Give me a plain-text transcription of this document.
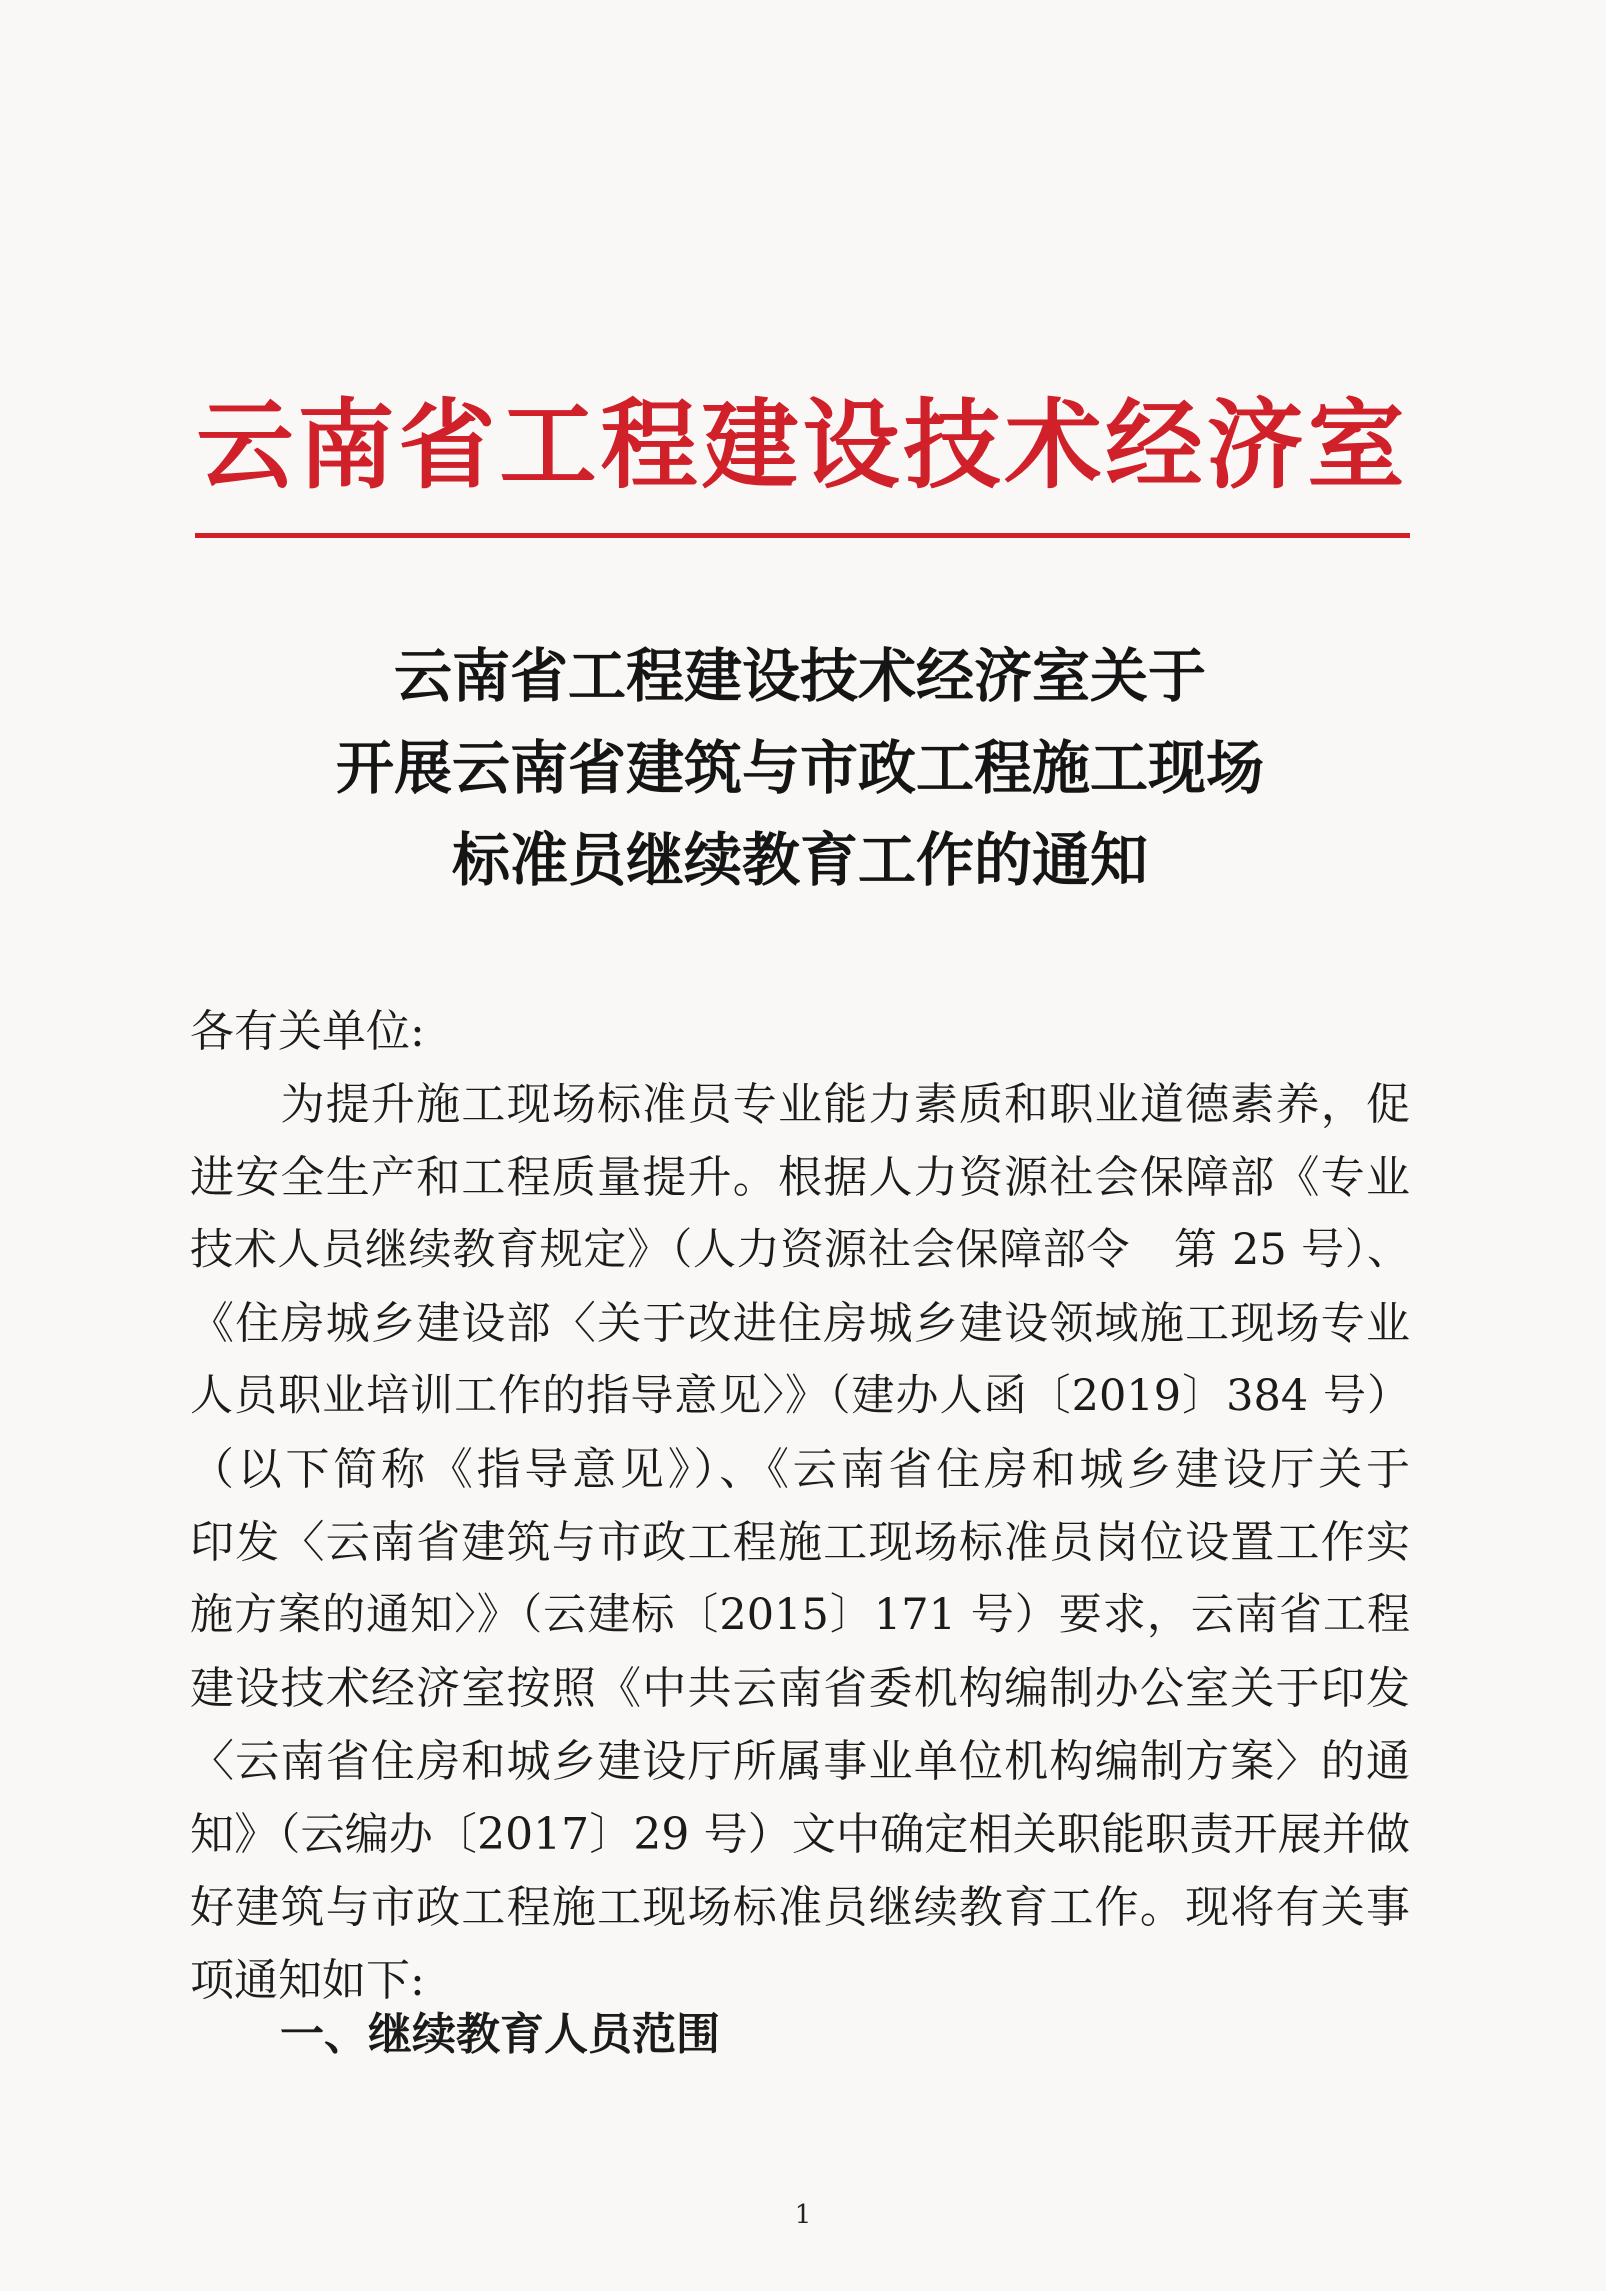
云南省工程建设技术经济室
云南省工程建设技术经济室关于
开展云南省建筑与市政工程施工现场
标准员继续教育工作的通知
各有关单位:
　　为提升施工现场标准员专业能力素质和职业道德素养，促
进安全生产和工程质量提升。根据人力资源社会保障部《专业
技术人员继续教育规定》（人力资源社会保障部令　第 25 号）、
《住房城乡建设部〈关于改进住房城乡建设领域施工现场专业
人员职业培训工作的指导意见〉》（建办人函〔2019〕384 号）
（以下简称《指导意见》）、《云南省住房和城乡建设厅关于
印发〈云南省建筑与市政工程施工现场标准员岗位设置工作实
施方案的通知〉》（云建标〔2015〕171 号）要求，云南省工程
建设技术经济室按照《中共云南省委机构编制办公室关于印发
〈云南省住房和城乡建设厅所属事业单位机构编制方案〉的通
知》（云编办〔2017〕29 号）文中确定相关职能职责开展并做
好建筑与市政工程施工现场标准员继续教育工作。现将有关事
项通知如下:
一、继续教育人员范围
1
